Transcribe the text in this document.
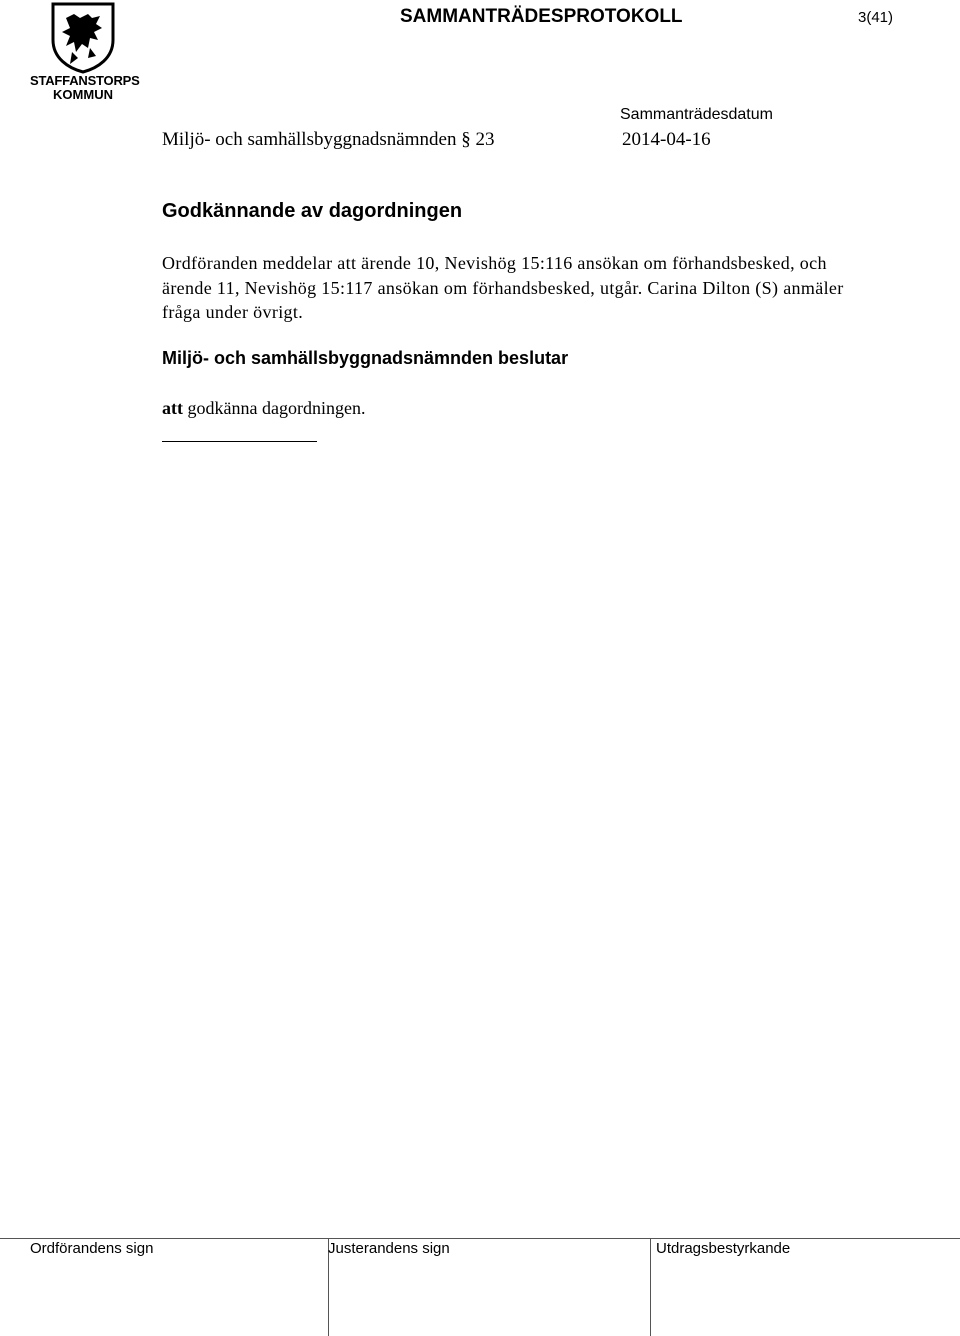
STAFFANSTORPS
KOMMUN
SAMMANTRÄDESPROTOKOLL	3(41)
Sammanträdesdatum
Miljö- och samhällsbyggnadsnämnden § 23	2014-04-16
Godkännande av dagordningen
Ordföranden meddelar att ärende 10, Nevishög 15:116 ansökan om förhandsbesked, och ärende 11, Nevishög 15:117 ansökan om förhandsbesked, utgår. Carina Dilton (S) anmäler fråga under övrigt.
Miljö- och samhällsbyggnadsnämnden beslutar
att godkänna dagordningen.
Ordförandens sign	Justerandens sign	Utdragsbestyrkande
